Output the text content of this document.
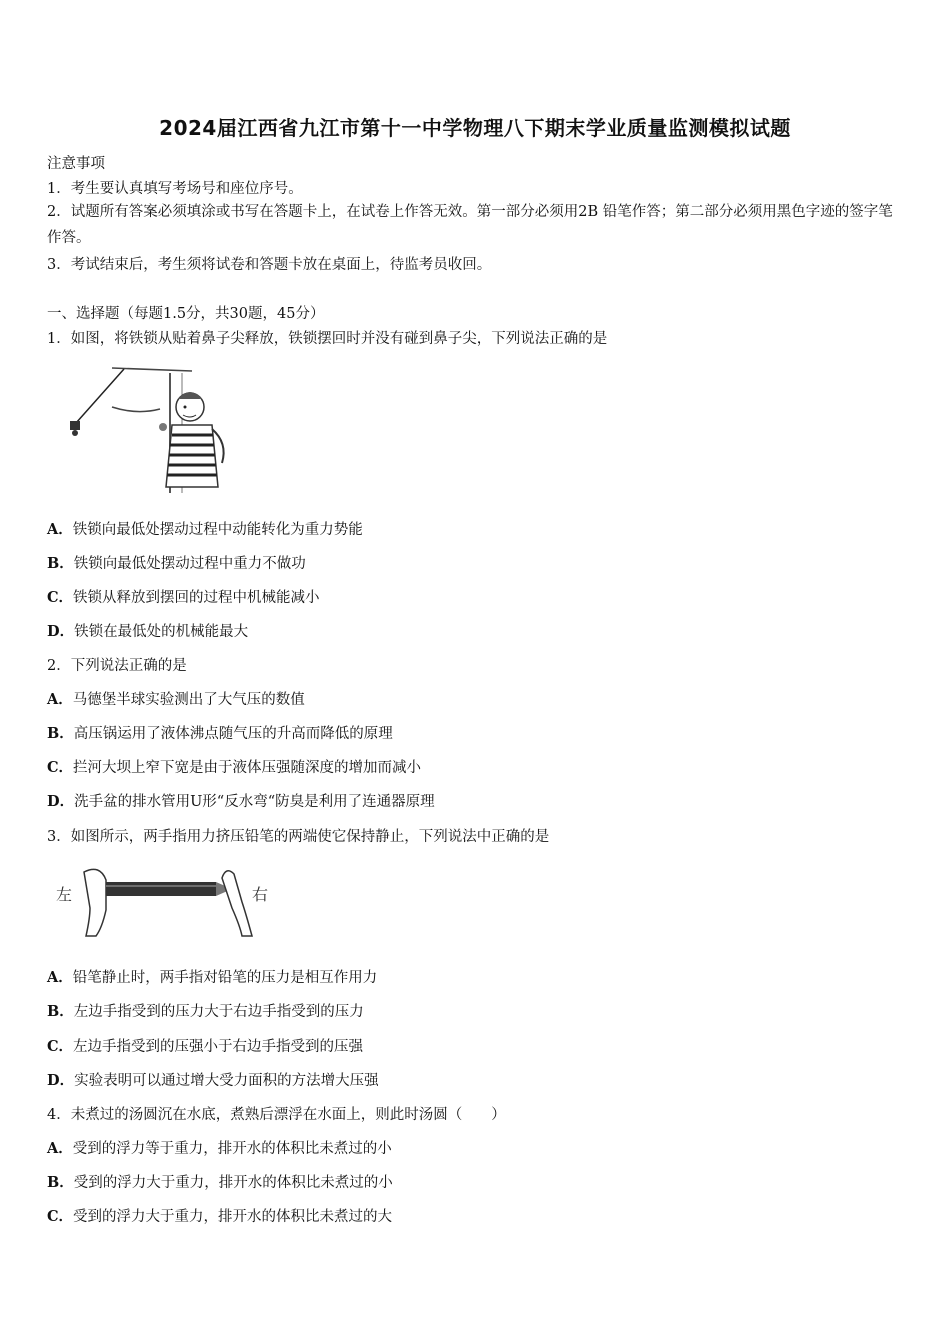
2024届江西省九江市第十一中学物理八下期末学业质量监测模拟试题
注意事项
1．考生要认真填写考场号和座位序号。
2．试题所有答案必须填涂或书写在答题卡上，在试卷上作答无效。第一部分必须用2B 铅笔作答；第二部分必须用黑色字迹的签字笔作答。
3．考试结束后，考生须将试卷和答题卡放在桌面上，待监考员收回。
一、选择题（每题1.5分，共30题，45分）
1．如图，将铁锁从贴着鼻子尖释放，铁锁摆回时并没有碰到鼻子尖，下列说法正确的是
A．铁锁向最低处摆动过程中动能转化为重力势能
B．铁锁向最低处摆动过程中重力不做功
C．铁锁从释放到摆回的过程中机械能减小
D．铁锁在最低处的机械能最大
2．下列说法正确的是
A．马德堡半球实验测出了大气压的数值
B．高压锅运用了液体沸点随气压的升高而降低的原理
C．拦河大坝上窄下宽是由于液体压强随深度的增加而减小
D．洗手盆的排水管用U形“反水弯“防臭是利用了连通器原理
3．如图所示，两手指用力挤压铅笔的两端使它保持静止，下列说法中正确的是
左	右
A．铅笔静止时，两手指对铅笔的压力是相互作用力
B．左边手指受到的压力大于右边手指受到的压力
C．左边手指受到的压强小于右边手指受到的压强
D．实验表明可以通过增大受力面积的方法增大压强
4．未煮过的汤圆沉在水底，煮熟后漂浮在水面上，则此时汤圆（　　）
A．受到的浮力等于重力，排开水的体积比未煮过的小
B．受到的浮力大于重力，排开水的体积比未煮过的小
C．受到的浮力大于重力，排开水的体积比未煮过的大
